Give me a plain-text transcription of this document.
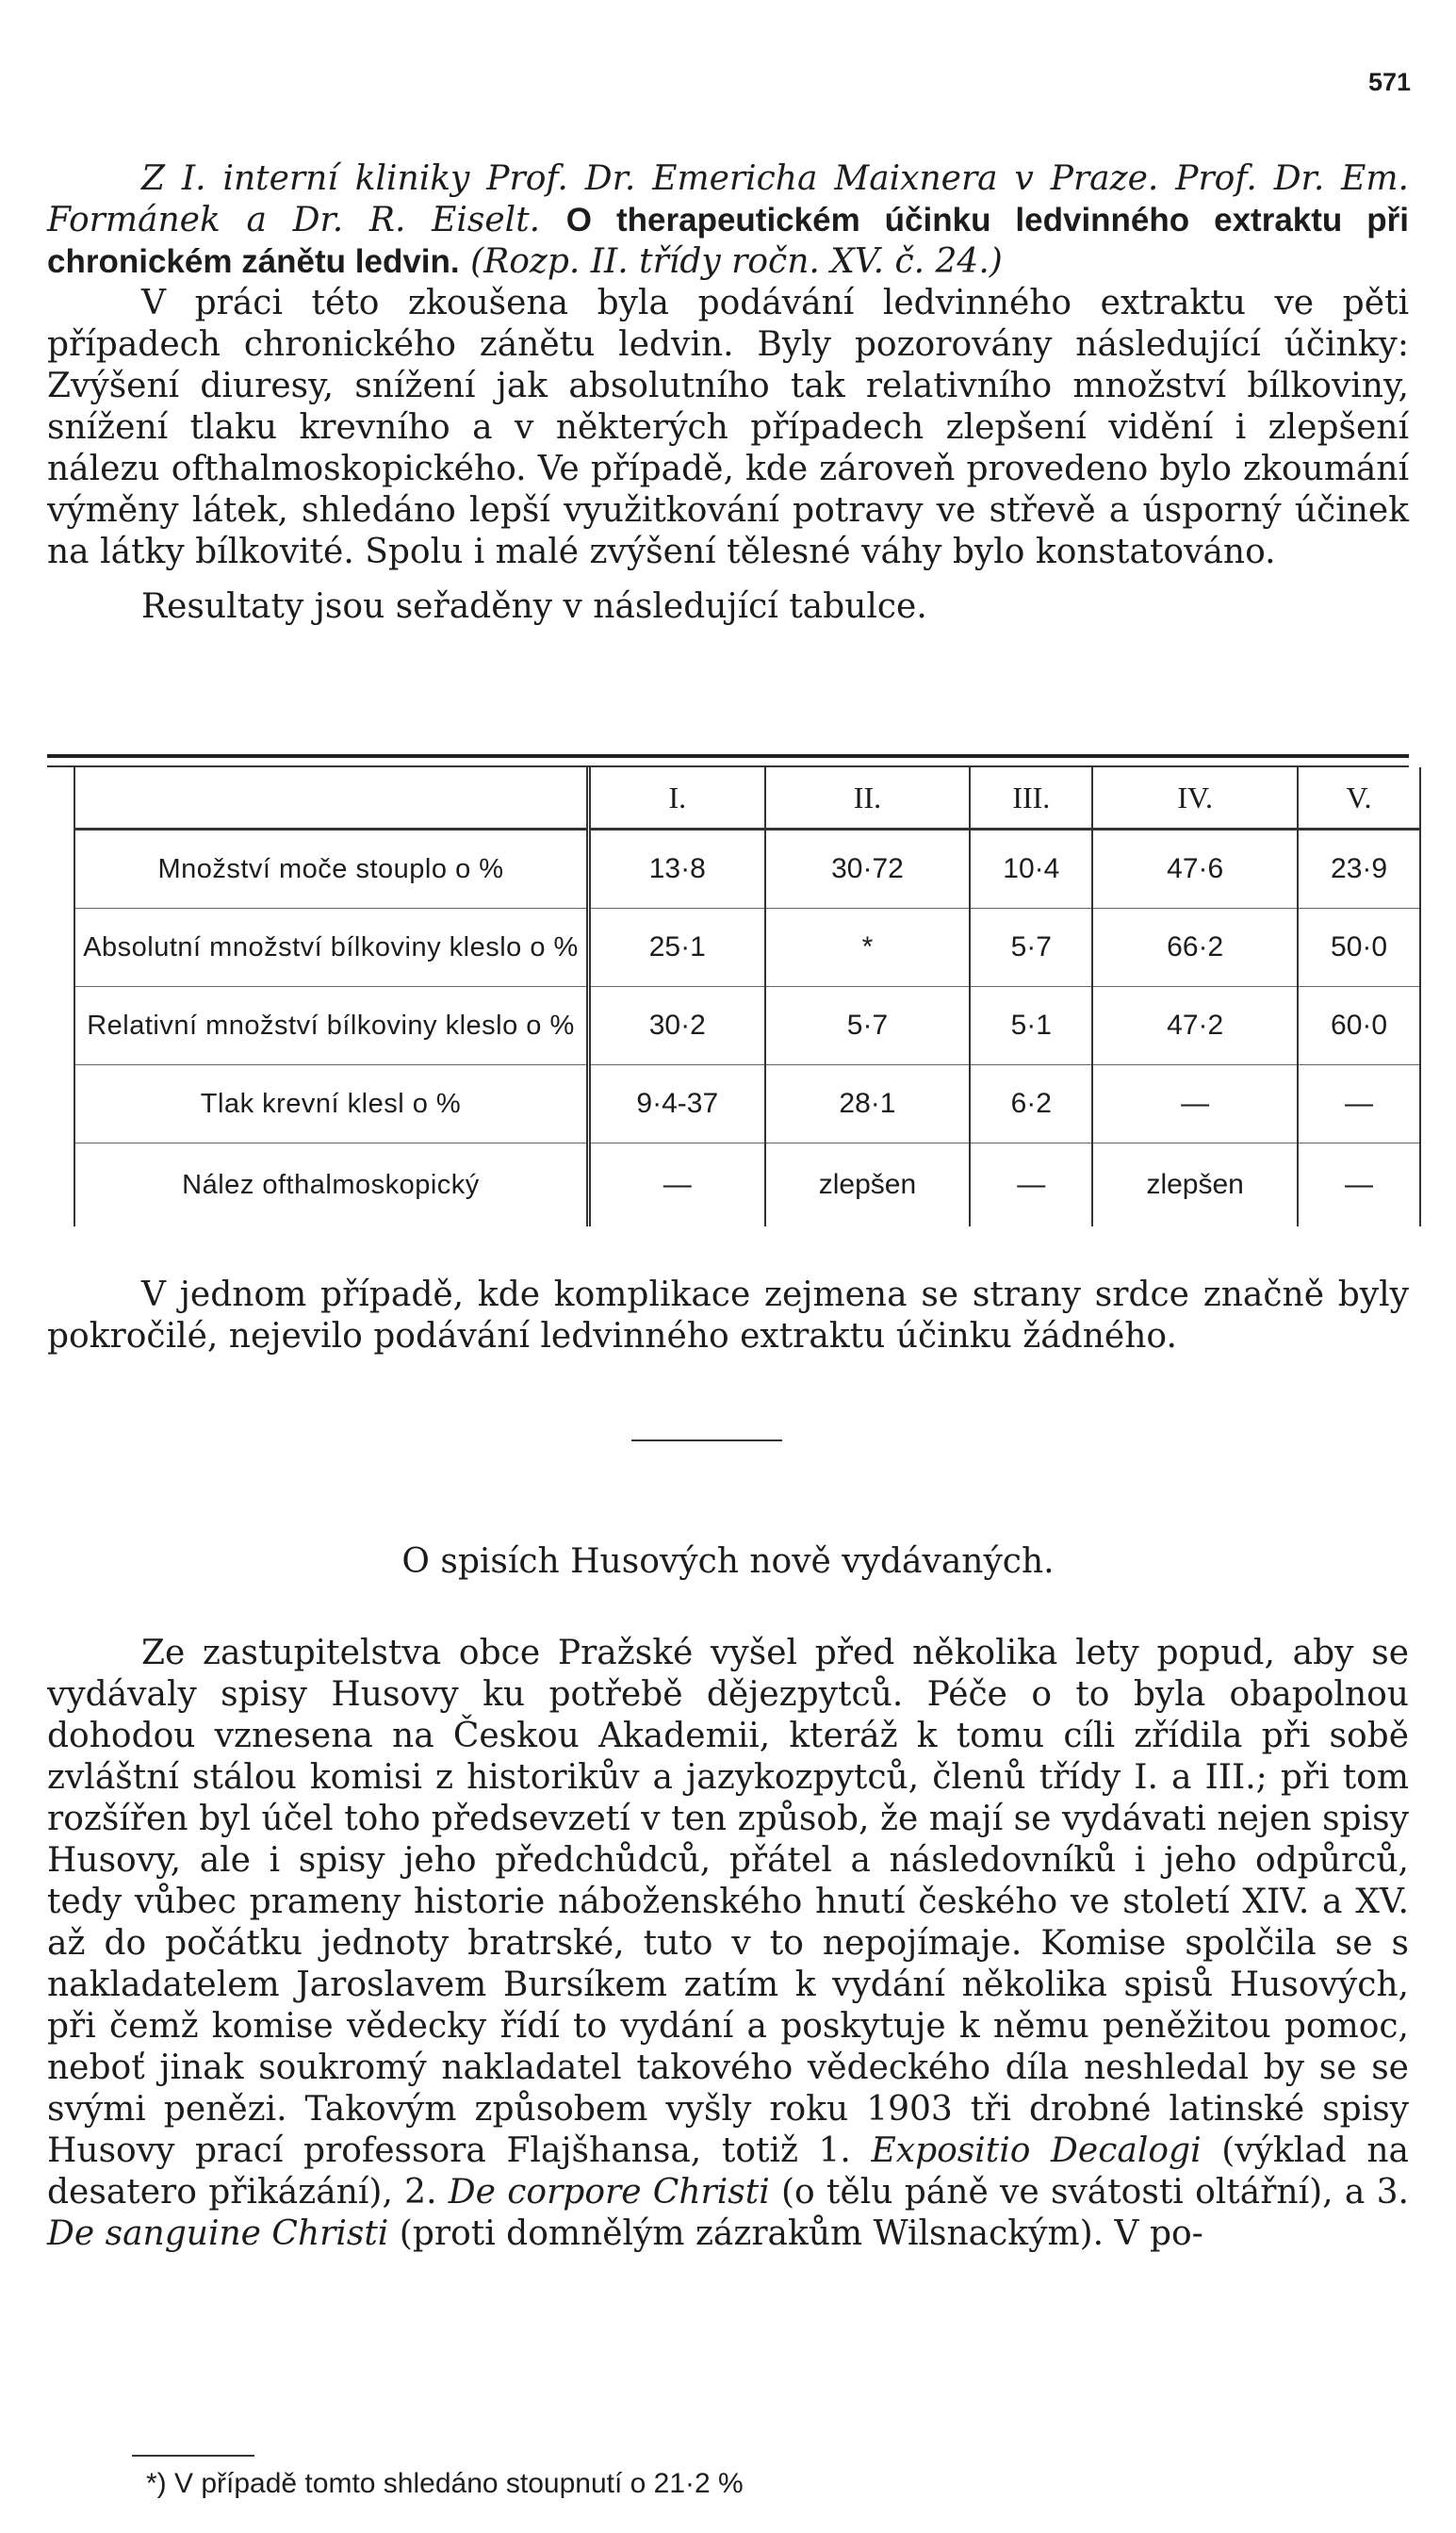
571

Z I. interní kliniky Prof. Dr. Emericha Maixnera v Praze. Prof. Dr. Em. Formánek a Dr. R. Eiselt. O therapeutickém účinku ledvinného extraktu při chronickém zánětu ledvin. (Rozp. II. třídy ročn. XV. č. 24.)

V práci této zkoušena byla podávání ledvinného extraktu ve pěti případech chronického zánětu ledvin. Byly pozorovány následující účinky: Zvýšení diuresy, snížení jak absolutního tak relativního množství bílkoviny, snížení tlaku krevního a v některých případech zlepšení vidění i zlepšení nálezu ofthalmoskopického. Ve případě, kde zároveň provedeno bylo zkoumání výměny látek, shledáno lepší využitkování potravy ve střevě a úsporný účinek na látky bílkovité. Spolu i malé zvýšení tělesné váhy bylo konstatováno.

Resultaty jsou seřaděny v následující tabulce.

	I.	II.	III.	IV.	V.
Množství moče stouplo o %	13·8	30·72	10·4	47·6	23·9
Absolutní množství bílkoviny kleslo o %	25·1	*	5·7	66·2	50·0
Relativní množství bílkoviny kleslo o %	30·2	5·7	5·1	47·2	60·0
Tlak krevní klesl o %	9·4-37	28·1	6·2	—	—
Nález ofthalmoskopický	—	zlepšen	—	zlepšen	—

V jednom případě, kde komplikace zejmena se strany srdce značně byly pokročilé, nejevilo podávání ledvinného extraktu účinku žádného.

O spisích Husových nově vydávaných.

Ze zastupitelstva obce Pražské vyšel před několika lety popud, aby se vydávaly spisy Husovy ku potřebě dějezpytců. Péče o to byla obapolnou dohodou vznesena na Českou Akademii, kteráž k tomu cíli zřídila při sobě zvláštní stálou komisi z historikův a jazykozpytců, členů třídy I. a III.; při tom rozšířen byl účel toho předsevzetí v ten způsob, že mají se vydávati nejen spisy Husovy, ale i spisy jeho předchůdců, přátel a následovníků i jeho odpůrců, tedy vůbec prameny historie náboženského hnutí českého ve století XIV. a XV. až do počátku jednoty bratrské, tuto v to nepojímaje. Komise spolčila se s nakladatelem Jaroslavem Bursíkem zatím k vydání několika spisů Husových, při čemž komise vědecky řídí to vydání a poskytuje k němu peněžitou pomoc, neboť jinak soukromý nakladatel takového vědeckého díla neshledal by se se svými penězi. Takovým způsobem vyšly roku 1903 tři drobné latinské spisy Husovy prací professora Flajšhansa, totiž 1. Expositio Decalogi (výklad na desatero přikázání), 2. De corpore Christi (o tělu páně ve svátosti oltářní), a 3. De sanguine Christi (proti domnělým zázrakům Wilsnackým). V po-

*) V případě tomto shledáno stoupnutí o 21·2 %
